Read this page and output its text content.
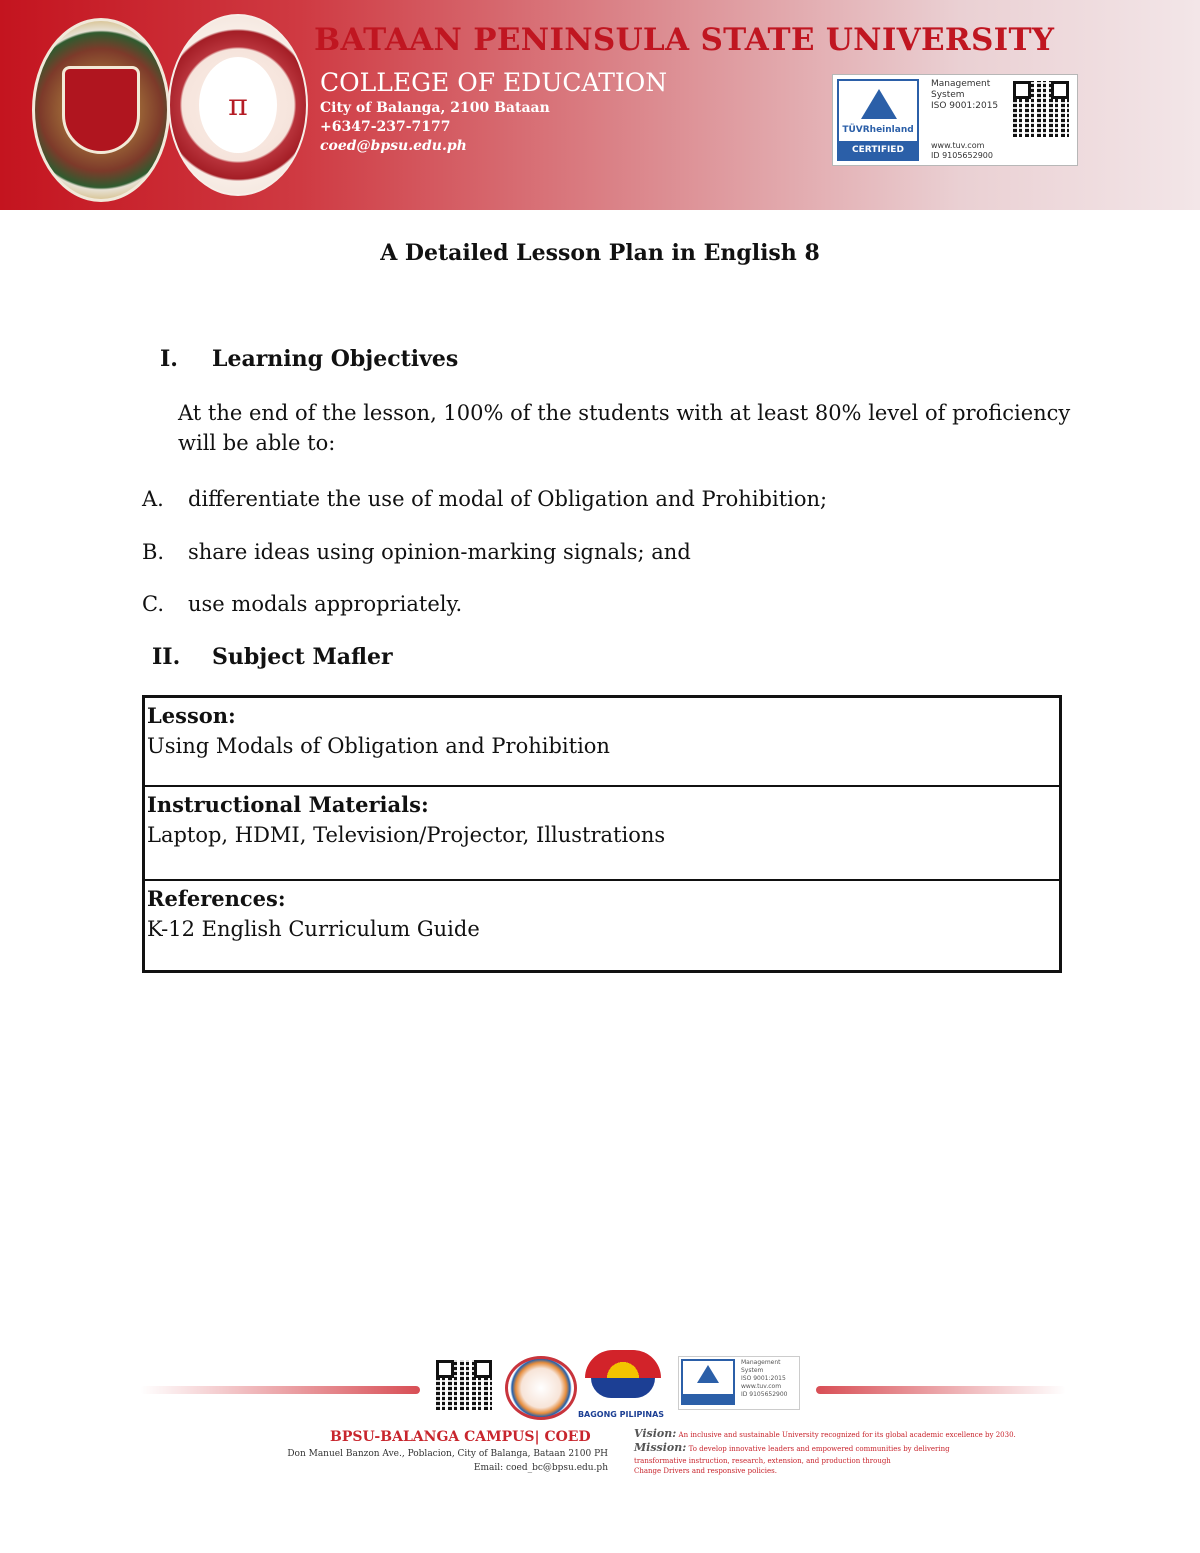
π
BATAAN PENINSULA STATE UNIVERSITY
COLLEGE OF EDUCATION
City of Balanga, 2100 Bataan
+6347-237-7177
coed@bpsu.edu.ph
TÜVRheinland
CERTIFIED
Management System
ISO 9001:2015
www.tuv.com
ID 9105652900
A Detailed Lesson Plan in English 8
I. Learning Objectives
At the end of the lesson, 100% of the students with at least 80% level of proficiency will be able to:
A. differentiate the use of modal of Obligation and Prohibition;
B. share ideas using opinion-marking signals; and
C. use modals appropriately.
II. Subject Mafler
Lesson:
Using Modals of Obligation and Prohibition

Instructional Materials:
Laptop, HDMI, Television/Projector, Illustrations

References:
K-12 English Curriculum Guide
BAGONG PILIPINAS
Management System
ISO 9001:2015
www.tuv.com
ID 9105652900
BPSU-BALANGA CAMPUS| COED
Don Manuel Banzon Ave., Poblacion, City of Balanga, Bataan 2100 PH
Email: coed_bc@bpsu.edu.ph
Vision: An inclusive and sustainable University recognized for its global academic excellence by 2030.
Mission: To develop innovative leaders and empowered communities by delivering
transformative instruction, research, extension, and production through
Change Drivers and responsive policies.
